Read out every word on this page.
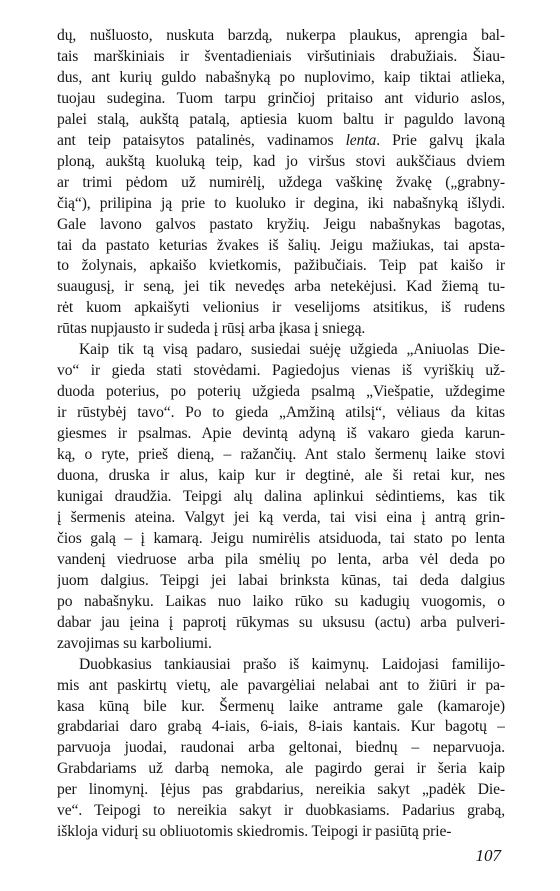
dų, nušluosto, nuskuta barzdą, nukerpa plaukus, aprengia bal-
tais marškiniais ir šventadieniais viršutiniais drabužiais. Šiau-
dus, ant kurių guldo nabašnyką po nuplovimo, kaip tiktai atlieka,
tuojau sudegina. Tuom tarpu grinčioj pritaiso ant vidurio aslos,
palei stalą, aukštą patalą, aptiesia kuom baltu ir paguldo lavoną
ant teip pataisytos patalinės, vadinamos lenta. Prie galvų įkala
ploną, aukštą kuoluką teip, kad jo viršus stovi aukščiaus dviem
ar trimi pėdom už numirėlį, uždega vaškinę žvakę („grabny-
čią“), prilipina ją prie to kuoluko ir degina, iki nabašnyką išlydi.
Gale lavono galvos pastato kryžių. Jeigu nabašnykas bagotas,
tai da pastato keturias žvakes iš šalių. Jeigu mažiukas, tai apsta-
to žolynais, apkaišo kvietkomis, pažibučiais. Teip pat kaišo ir
suaugusį, ir seną, jei tik nevedęs arba netekėjusi. Kad žiemą tu-
rėt kuom apkaišyti velionius ir veselijoms atsitikus, iš rudens
rūtas nupjausto ir sudeda į rūsį arba įkasa į sniegą.

Kaip tik tą visą padaro, susiedai suėję užgieda „Aniuolas Die-
vo“ ir gieda stati stovėdami. Pagiedojus vienas iš vyriškių už-
duoda poterius, po poterių užgieda psalmą „Viešpatie, uždegime
ir rūstybėj tavo“. Po to gieda „Amžiną atilsį“, vėliaus da kitas
giesmes ir psalmas. Apie devintą adyną iš vakaro gieda karun-
ką, o ryte, prieš dieną, – ražančių. Ant stalo šermenų laike stovi
duona, druska ir alus, kaip kur ir degtinė, ale ši retai kur, nes
kunigai draudžia. Teipgi alų dalina aplinkui sėdintiems, kas tik
į šermenis ateina. Valgyt jei ką verda, tai visi eina į antrą grin-
čios galą – į kamarą. Jeigu numirėlis atsiduoda, tai stato po lenta
vandenį viedruose arba pila smėlių po lenta, arba vėl deda po
juom dalgius. Teipgi jei labai brinksta kūnas, tai deda dalgius
po nabašnyku. Laikas nuo laiko rūko su kadugių vuogomis, o
dabar jau įeina į paprotį rūkymas su uksusu (actu) arba pulveri-
zavojimas su karboliumi.

Duobkasius tankiausiai prašo iš kaimynų. Laidojasi familijo-
mis ant paskirtų vietų, ale pavargėliai nelabai ant to žiūri ir pa-
kasa kūną bile kur. Šermenų laike antrame gale (kamaroje)
grabdariai daro grabą 4-iais, 6-iais, 8-iais kantais. Kur bagotų –
parvuoja juodai, raudonai arba geltonai, biednų – neparvuoja.
Grabdariams už darbą nemoka, ale pagirdo gerai ir šeria kaip
per linomynį. Įėjus pas grabdarius, nereikia sakyt „padėk Die-
ve“. Teipogi to nereikia sakyt ir duobkasiams. Padarius grabą,
iškloja vidurį su obliuotomis skiedromis. Teipogi ir pasiūtą prie-

107
